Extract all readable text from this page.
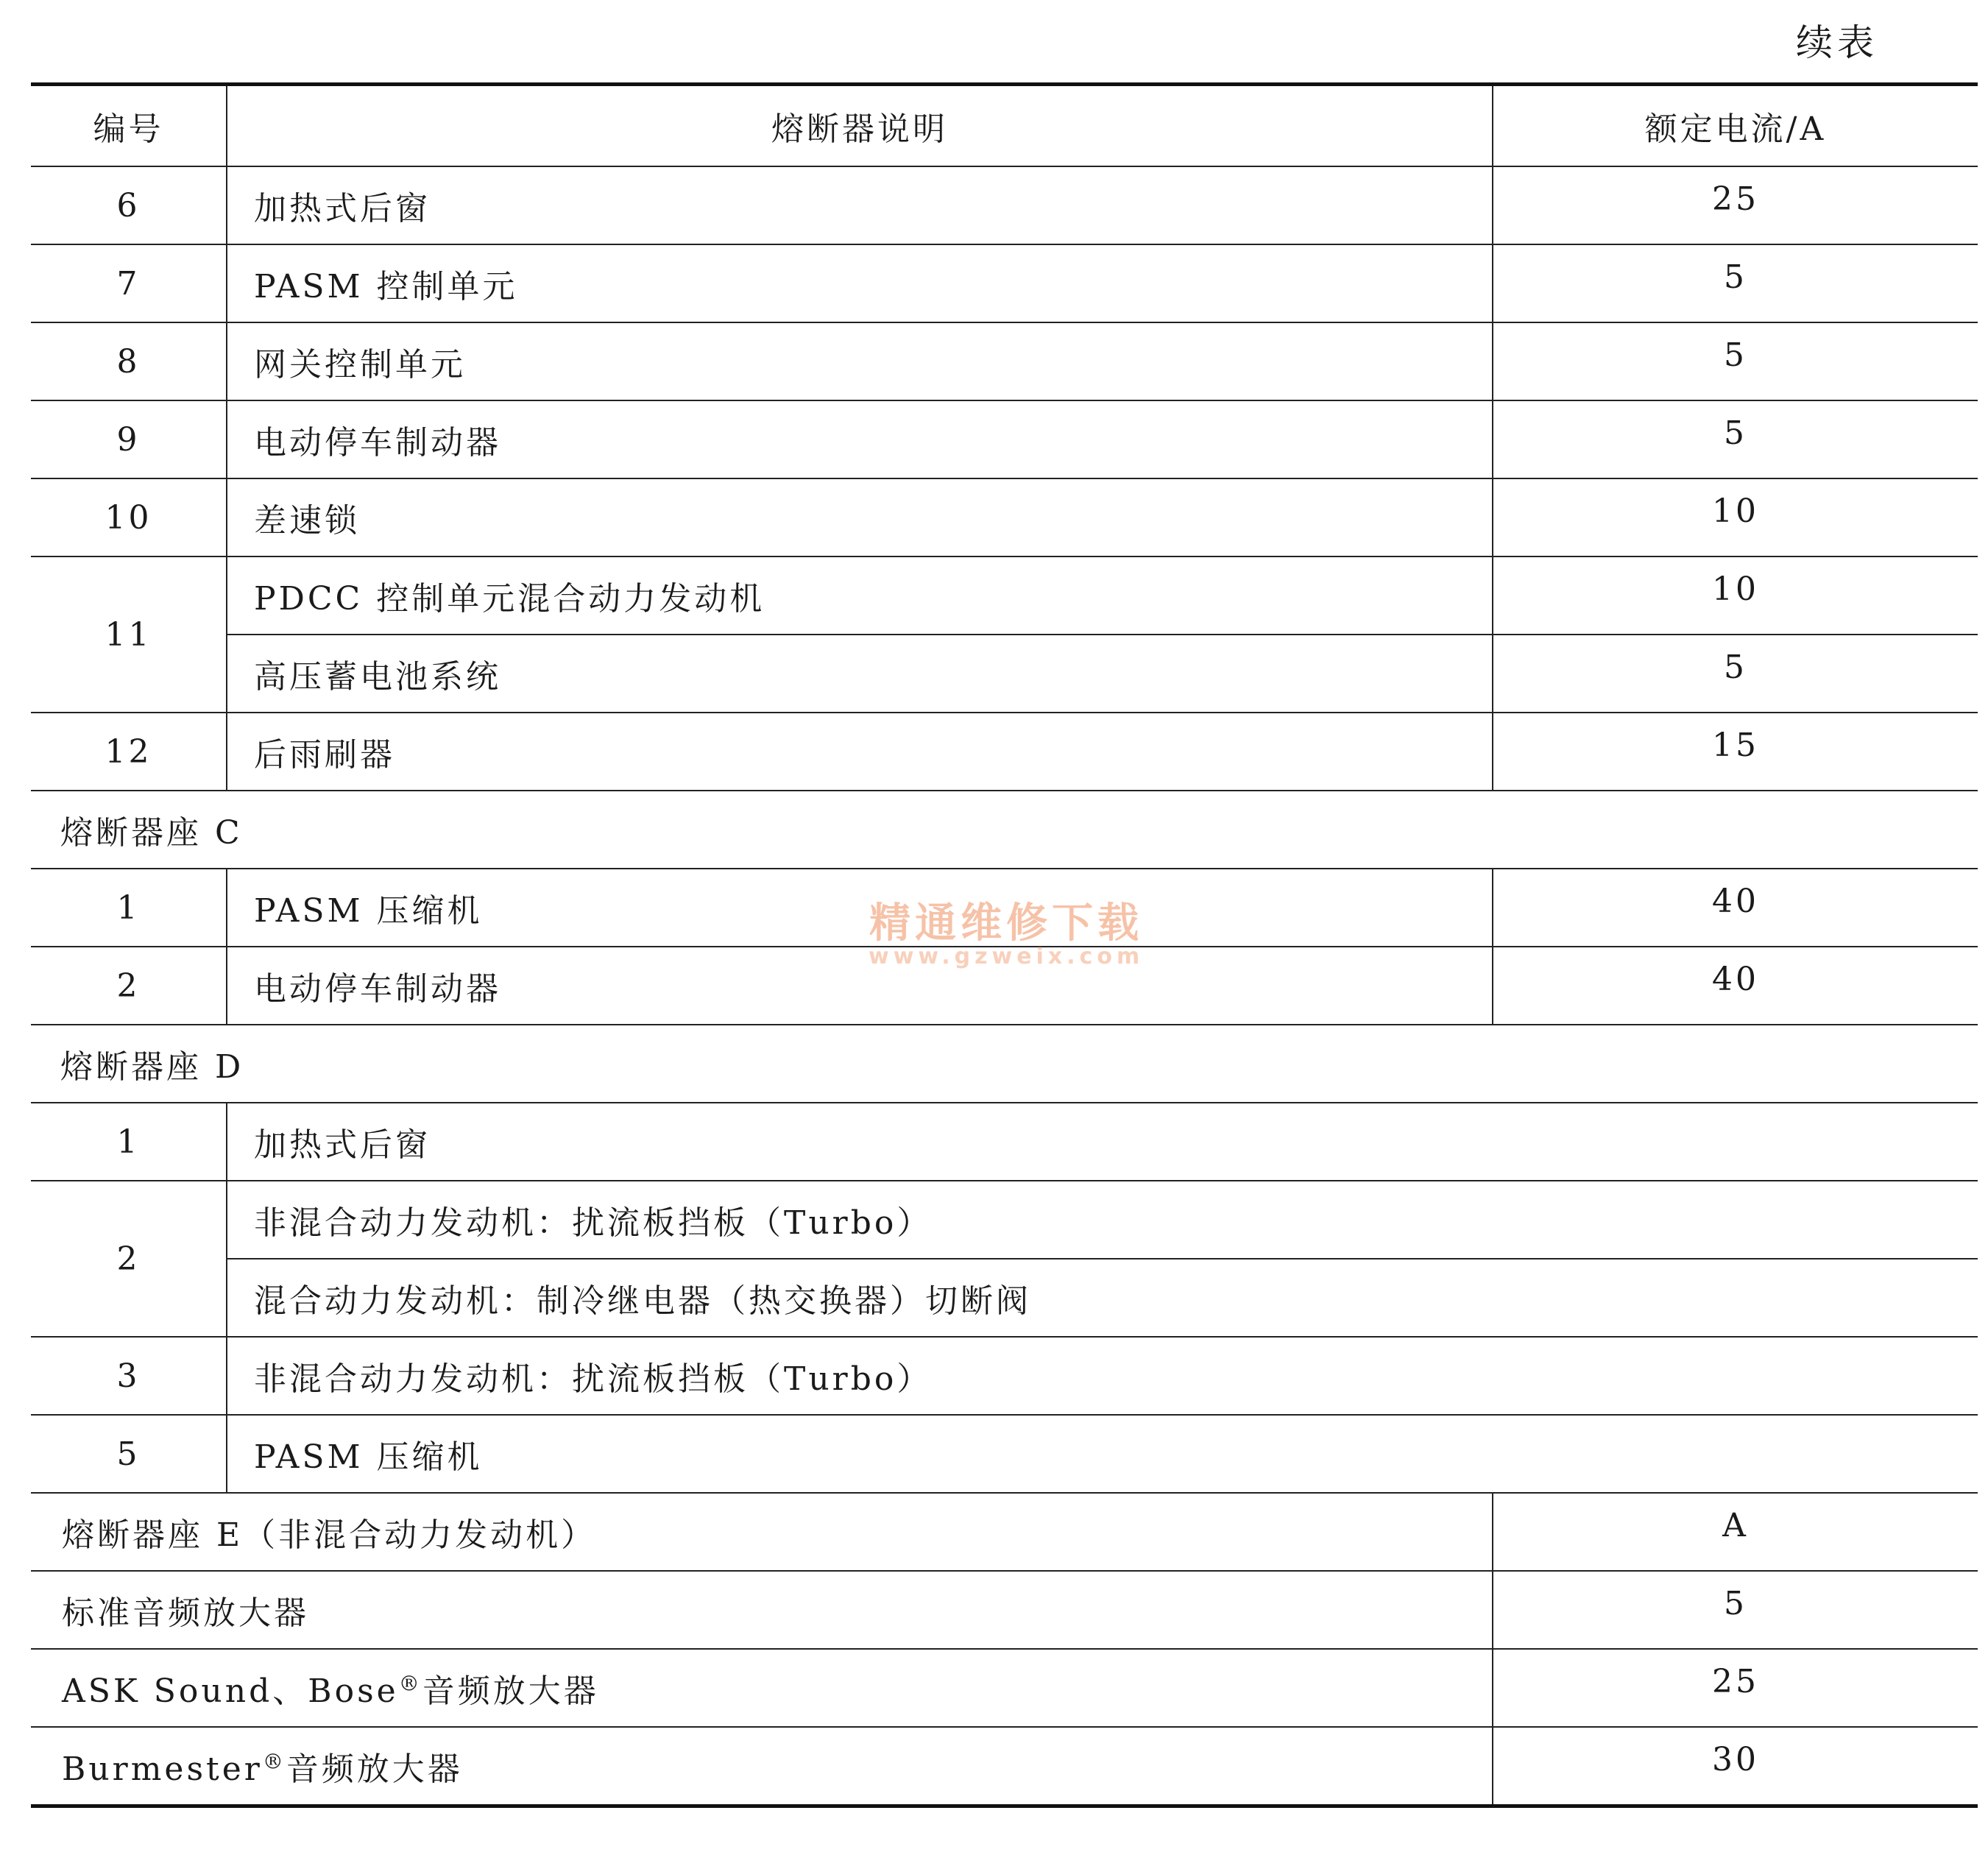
续表
编号	熔断器说明	额定电流/A
6	加热式后窗	25
7	PASM 控制单元	5
8	网关控制单元	5
9	电动停车制动器	5
10	差速锁	10
11	PDCC 控制单元混合动力发动机	10
	高压蓄电池系统	5
12	后雨刷器	15
熔断器座 C		
1	PASM 压缩机	40
2	电动停车制动器	40
熔断器座 D		
1	加热式后窗	
2	非混合动力发动机：扰流板挡板（Turbo）	
	混合动力发动机：制冷继电器（热交换器）切断阀	
3	非混合动力发动机：扰流板挡板（Turbo）	
5	PASM 压缩机	
熔断器座 E（非混合动力发动机）		A
标准音频放大器		5
ASK Sound、Bose®音频放大器		25
Burmester®音频放大器		30
精通维修下载
www.gzweix.com
